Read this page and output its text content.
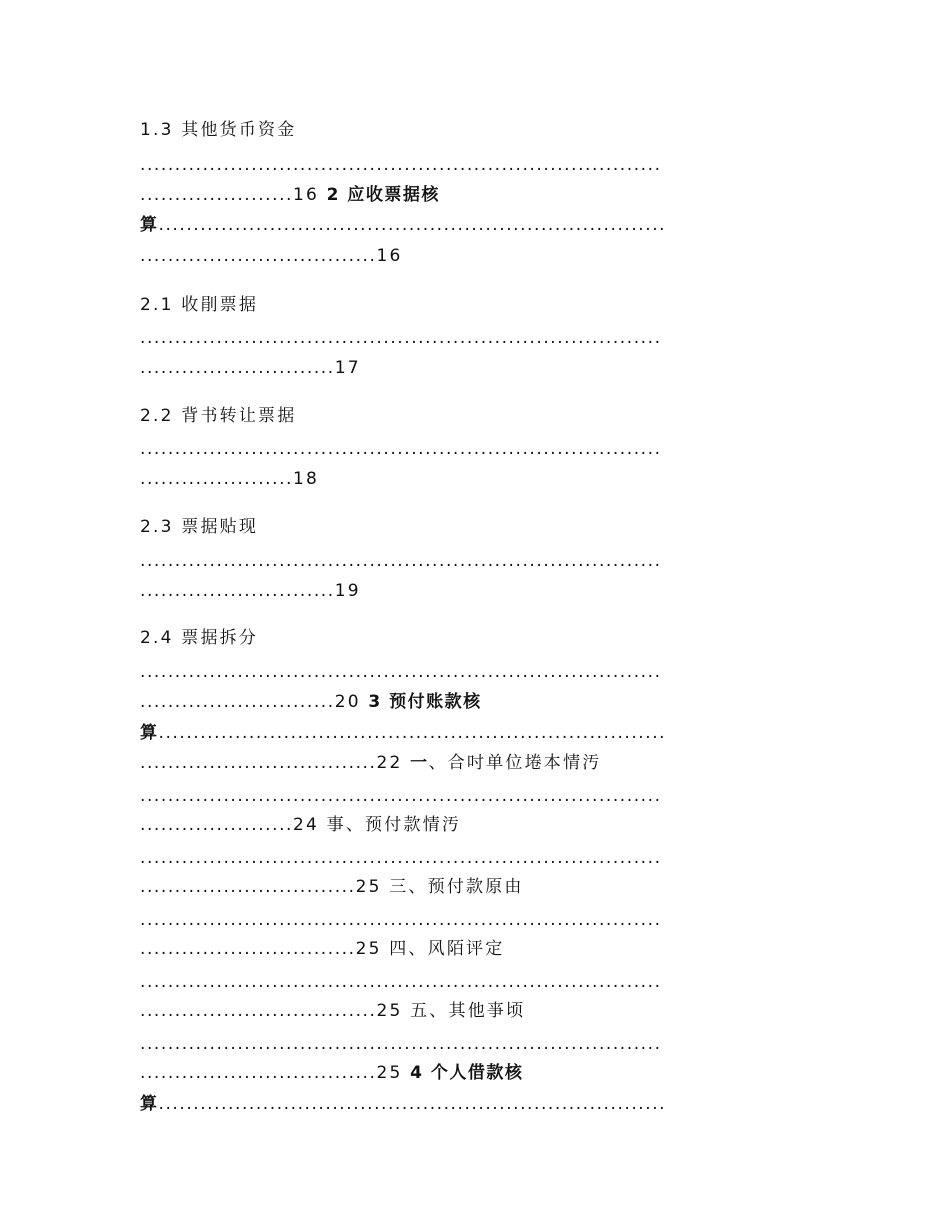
1.3 其他货币资金
...........................................................................
......................16 2 应收票据核
算.........................................................................
..................................16
2.1 收剈票据
...........................................................................
............................17
2.2 背书转让票据
...........................................................................
......................18
2.3 票据贴现
...........................................................................
............................19
2.4 票据拆分
...........................................................................
............................20 3 预付账款核
算.........................................................................
..................................22 一、合吋单位埢本情汚
...........................................................................
......................24 事、预付款情汚
...........................................................................
...............................25 三、预付款原由
...........................................................................
...............................25 四、风陌评定
...........................................................................
..................................25 五、其他亊顷
...........................................................................
..................................25 4 个人借款核
算.........................................................................
